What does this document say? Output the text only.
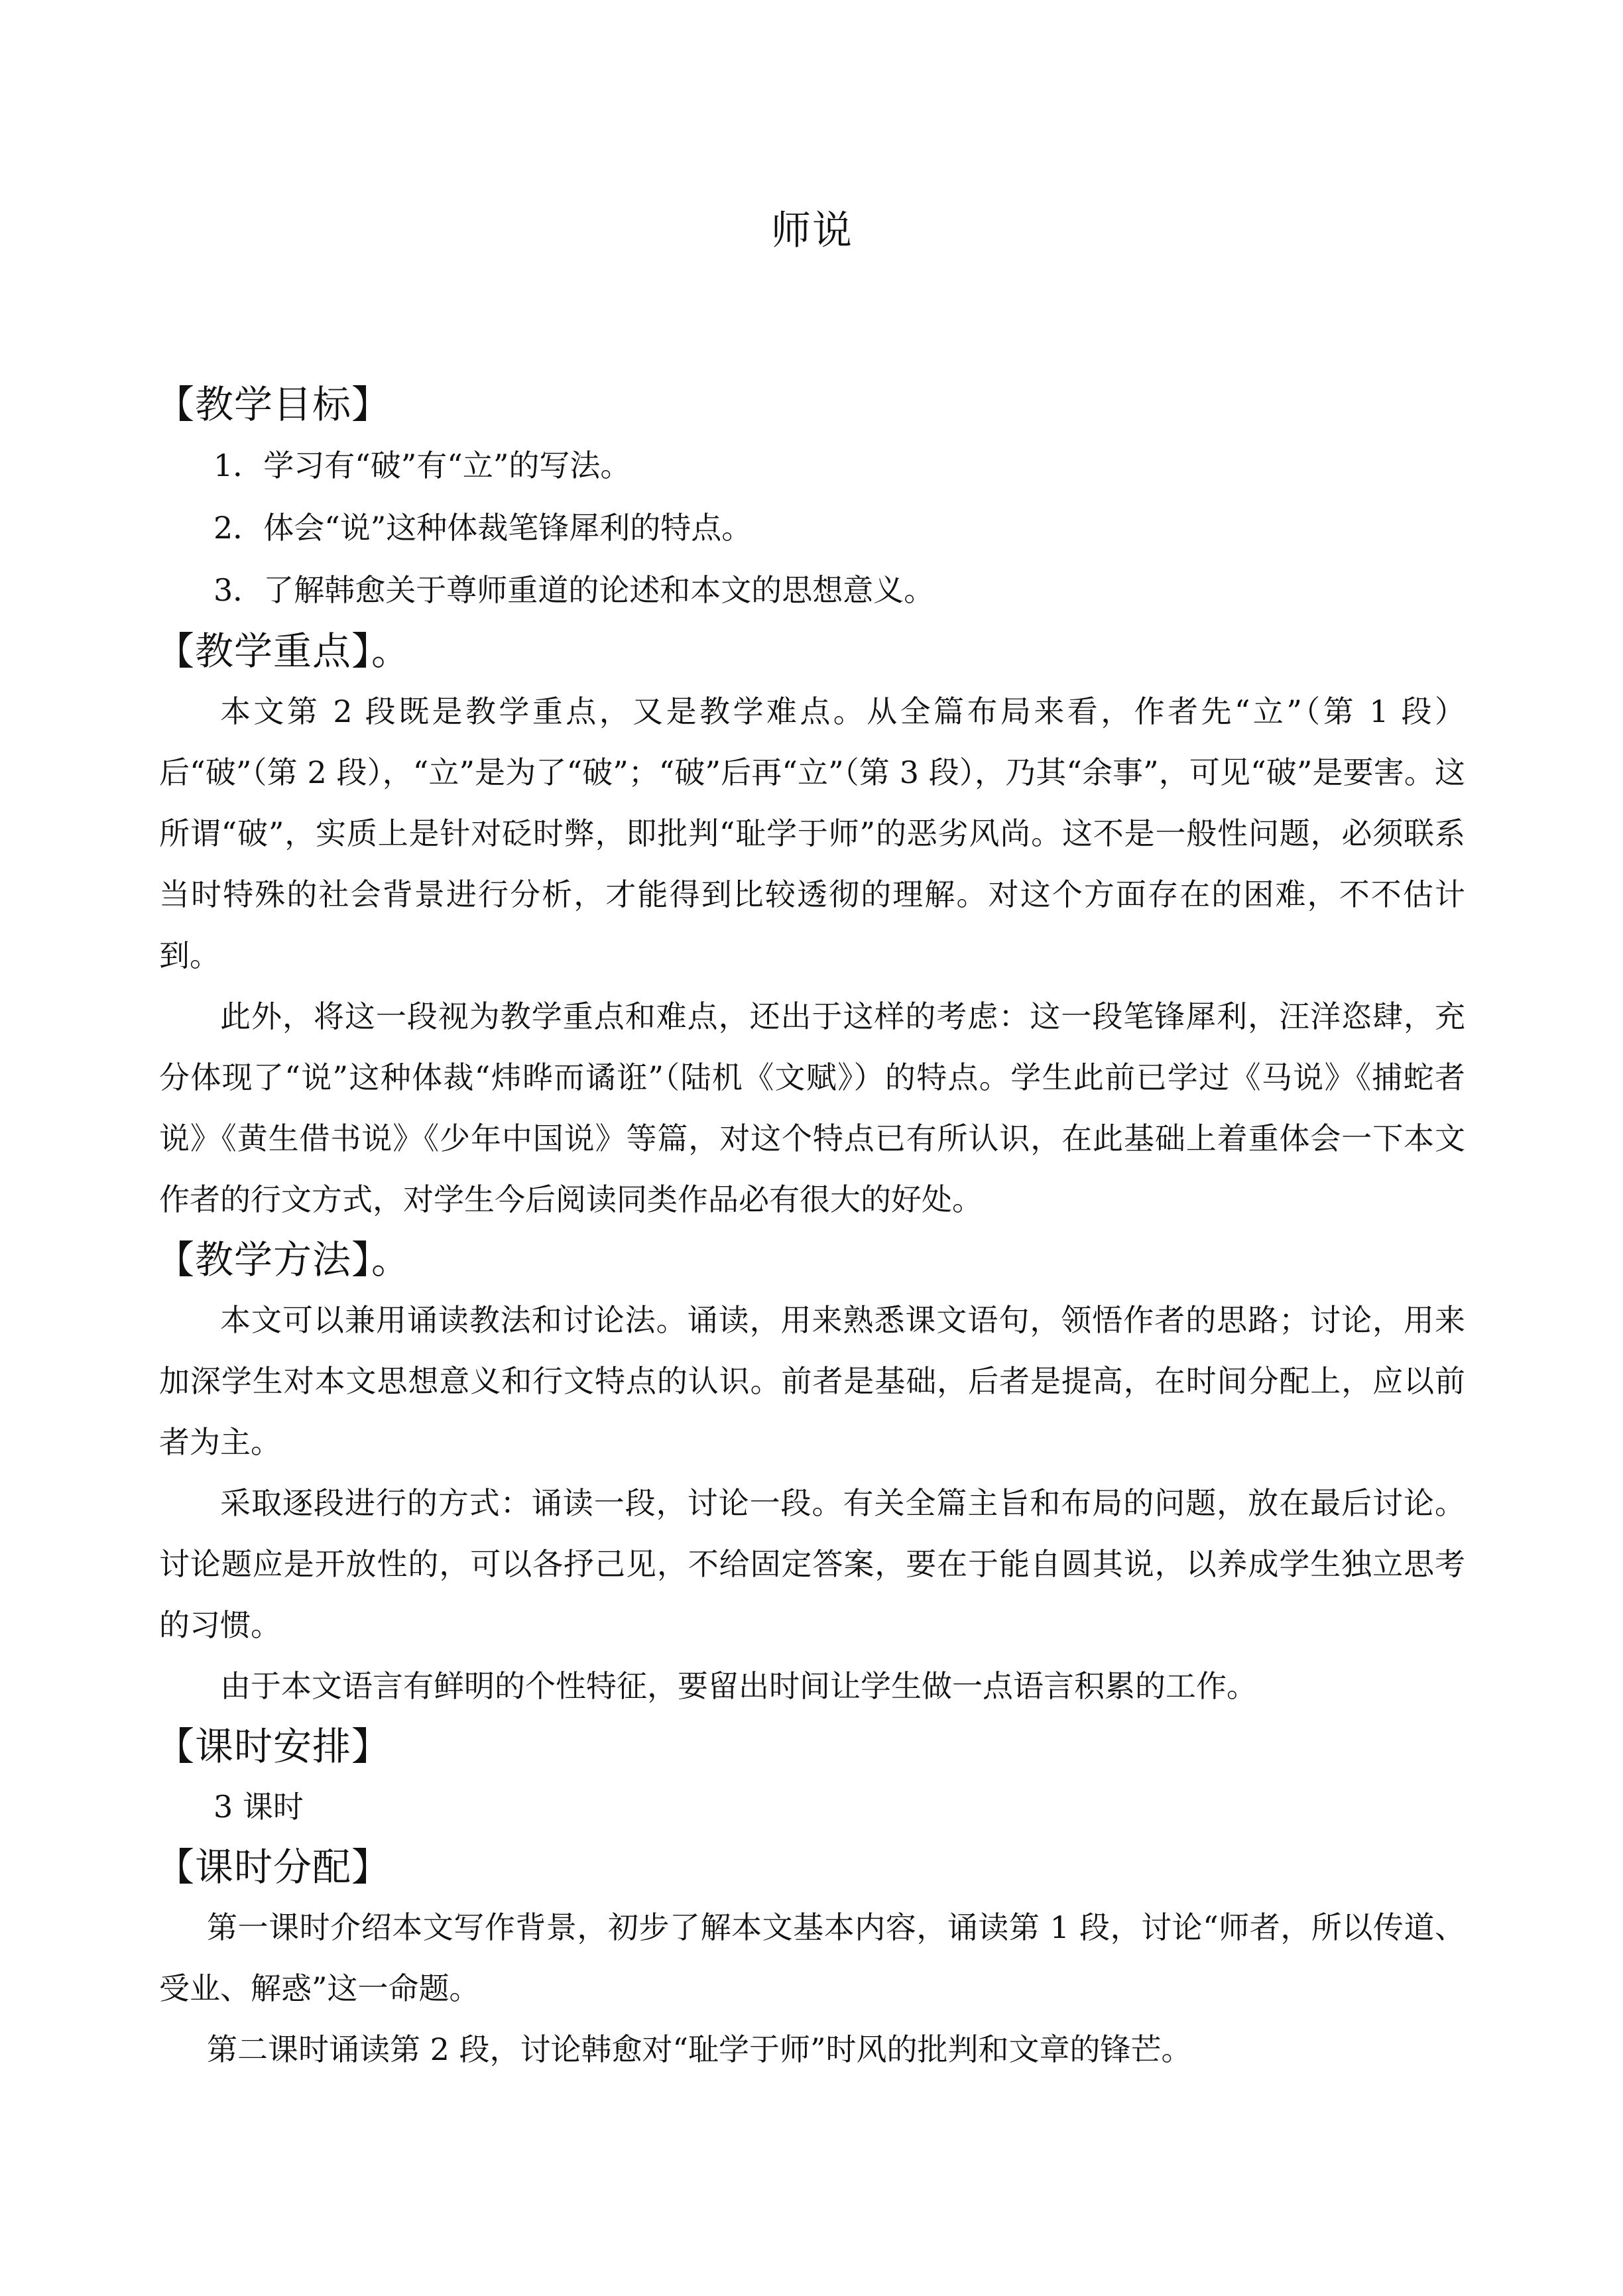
师说
【教学目标】

1．学习有“破”有“立”的写法。

2．体会“说”这种体裁笔锋犀利的特点。

3．了解韩愈关于尊师重道的论述和本文的思想意义。

【教学重点】。

本文第 2 段既是教学重点，又是教学难点。从全篇布局来看，作者先“立”（第 1 段）后“破”（第 2 段），“立”是为了“破”；“破”后再“立”（第 3 段），乃其“余事”，可见“破”是要害。这所谓“破”，实质上是针对砭时弊，即批判“耻学于师”的恶劣风尚。这不是一般性问题，必须联系当时特殊的社会背景进行分析，才能得到比较透彻的理解。对这个方面存在的困难，不不估计到。

此外，将这一段视为教学重点和难点，还出于这样的考虑：这一段笔锋犀利，汪洋恣肆，充分体现了“说”这种体裁“炜晔而谲诳”（陆机《文赋》）的特点。学生此前已学过《马说》《捕蛇者说》《黄生借书说》《少年中国说》等篇，对这个特点已有所认识，在此基础上着重体会一下本文作者的行文方式，对学生今后阅读同类作品必有很大的好处。

【教学方法】。

本文可以兼用诵读教法和讨论法。诵读，用来熟悉课文语句，领悟作者的思路；讨论，用来加深学生对本文思想意义和行文特点的认识。前者是基础，后者是提高，在时间分配上，应以前者为主。

采取逐段进行的方式：诵读一段，讨论一段。有关全篇主旨和布局的问题，放在最后讨论。讨论题应是开放性的，可以各抒己见，不给固定答案，要在于能自圆其说，以养成学生独立思考的习惯。

由于本文语言有鲜明的个性特征，要留出时间让学生做一点语言积累的工作。

【课时安排】

3 课时

【课时分配】

第一课时介绍本文写作背景，初步了解本文基本内容，诵读第 1 段，讨论“师者，所以传道、受业、解惑”这一命题。

第二课时诵读第 2 段，讨论韩愈对“耻学于师”时风的批判和文章的锋芒。
